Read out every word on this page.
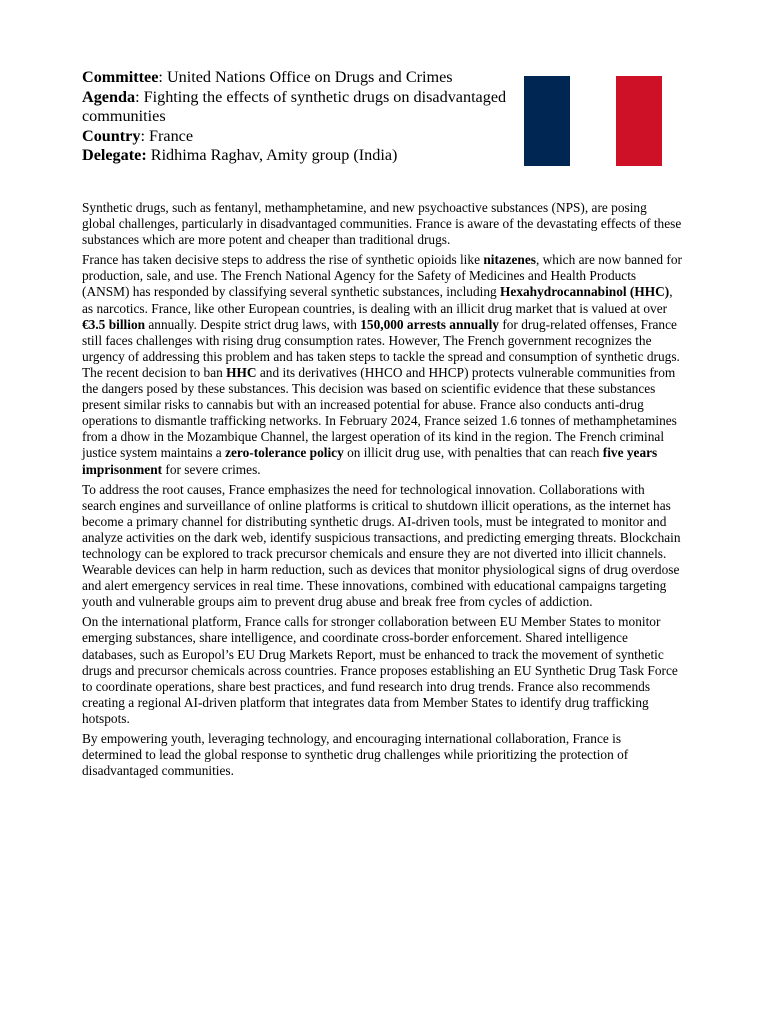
Committee: United Nations Office on Drugs and Crimes
Agenda: Fighting the effects of synthetic drugs on disadvantaged communities
Country: France
Delegate: Ridhima Raghav, Amity group (India)

Synthetic drugs, such as fentanyl, methamphetamine, and new psychoactive substances (NPS), are posing global challenges, particularly in disadvantaged communities. France is aware of the devastating effects of these substances which are more potent and cheaper than traditional drugs.

France has taken decisive steps to address the rise of synthetic opioids like nitazenes, which are now banned for production, sale, and use. The French National Agency for the Safety of Medicines and Health Products (ANSM) has responded by classifying several synthetic substances, including Hexahydrocannabinol (HHC), as narcotics. France, like other European countries, is dealing with an illicit drug market that is valued at over €3.5 billion annually. Despite strict drug laws, with 150,000 arrests annually for drug-related offenses, France still faces challenges with rising drug consumption rates. However, The French government recognizes the urgency of addressing this problem and has taken steps to tackle the spread and consumption of synthetic drugs. The recent decision to ban HHC and its derivatives (HHCO and HHCP) protects vulnerable communities from the dangers posed by these substances. This decision was based on scientific evidence that these substances present similar risks to cannabis but with an increased potential for abuse. France also conducts anti-drug operations to dismantle trafficking networks. In February 2024, France seized 1.6 tonnes of methamphetamines from a dhow in the Mozambique Channel, the largest operation of its kind in the region. The French criminal justice system maintains a zero-tolerance policy on illicit drug use, with penalties that can reach five years imprisonment for severe crimes.

To address the root causes, France emphasizes the need for technological innovation. Collaborations with search engines and surveillance of online platforms is critical to shutdown illicit operations, as the internet has become a primary channel for distributing synthetic drugs. AI-driven tools, must be integrated to monitor and analyze activities on the dark web, identify suspicious transactions, and predicting emerging threats. Blockchain technology can be explored to track precursor chemicals and ensure they are not diverted into illicit channels. Wearable devices can help in harm reduction, such as devices that monitor physiological signs of drug overdose and alert emergency services in real time. These innovations, combined with educational campaigns targeting youth and vulnerable groups aim to prevent drug abuse and break free from cycles of addiction.

On the international platform, France calls for stronger collaboration between EU Member States to monitor emerging substances, share intelligence, and coordinate cross-border enforcement. Shared intelligence databases, such as Europol’s EU Drug Markets Report, must be enhanced to track the movement of synthetic drugs and precursor chemicals across countries. France proposes establishing an EU Synthetic Drug Task Force to coordinate operations, share best practices, and fund research into drug trends. France also recommends creating a regional AI-driven platform that integrates data from Member States to identify drug trafficking hotspots.

By empowering youth, leveraging technology, and encouraging international collaboration, France is determined to lead the global response to synthetic drug challenges while prioritizing the protection of disadvantaged communities.
